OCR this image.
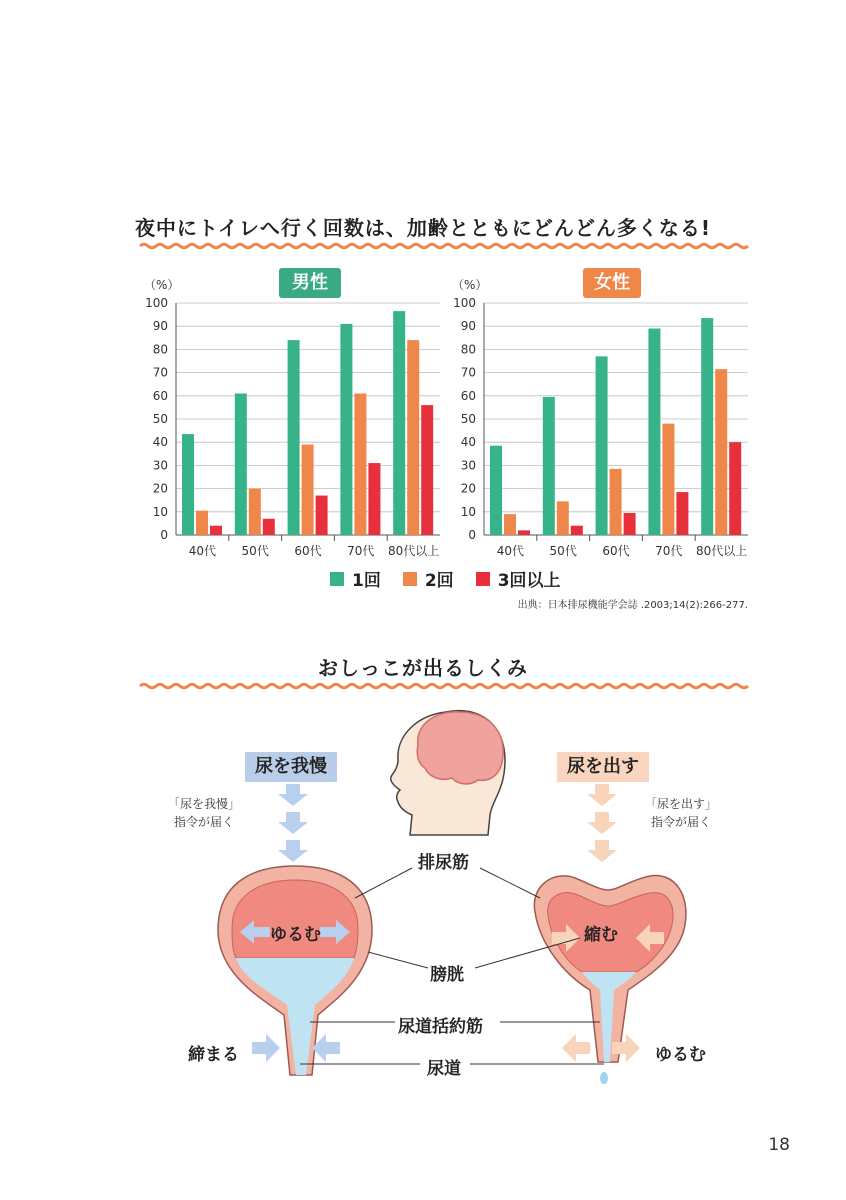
夜中にトイレへ行く回数は、加齢とともにどんどん多くなる!
おしっこが出るしくみ
男性	女性
（%）
0
10
20
30
40
50
60
70
80
90
100
40代 50代 60代 70代 80代以上
（%）
0
10
20
30
40
50
60
70
80
90
100
40代 50代 60代 70代 80代以上
1回	2回	3回以上
出典：日本排尿機能学会誌 .2003;14(2):266-277.
尿を我慢	尿を出す
「尿を我慢」
指令が届く
「尿を出す」
指令が届く
排尿筋
膀胱
尿道括約筋
尿道
ゆるむ	縮む
締まる	ゆるむ
18
